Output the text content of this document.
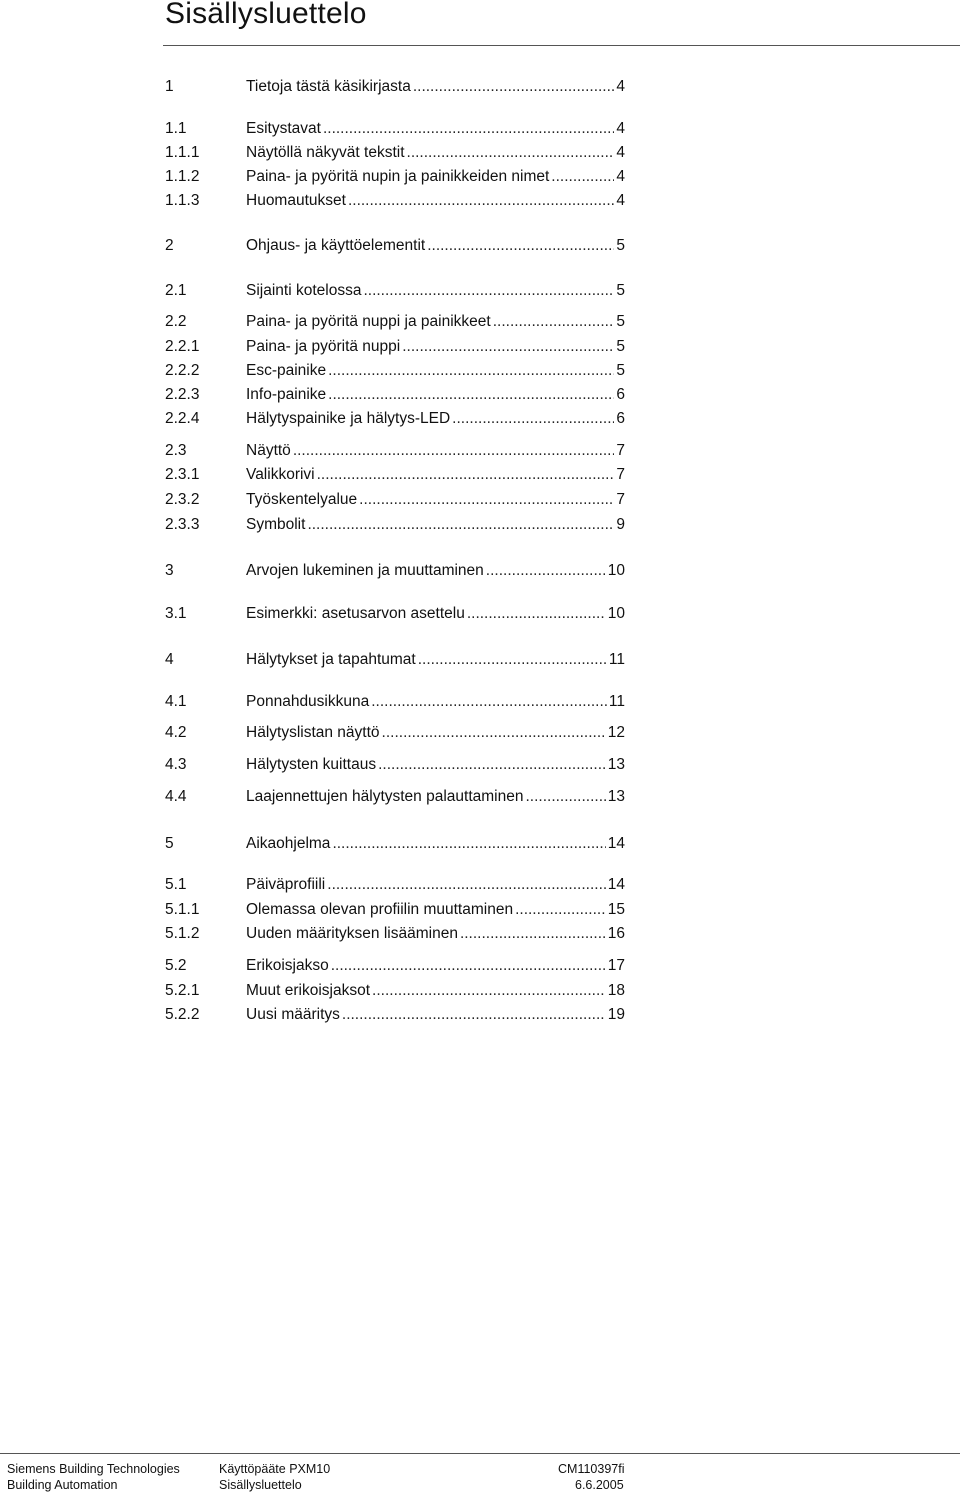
Sisällysluettelo
1	Tietoja tästä käsikirjasta .....	4
1.1	Esitystavat .....	4
1.1.1	Näytöllä näkyvät tekstit .....	4
1.1.2	Paina- ja pyöritä nupin ja painikkeiden nimet .....	4
1.1.3	Huomautukset .....	4
2	Ohjaus- ja käyttöelementit .....	5
2.1	Sijainti kotelossa .....	5
2.2	Paina- ja pyöritä nuppi ja painikkeet .....	5
2.2.1	Paina- ja pyöritä nuppi .....	5
2.2.2	Esc-painike .....	5
2.2.3	Info-painike .....	6
2.2.4	Hälytyspainike ja hälytys-LED .....	6
2.3	Näyttö .....	7
2.3.1	Valikkorivi .....	7
2.3.2	Työskentelyalue .....	7
2.3.3	Symbolit .....	9
3	Arvojen lukeminen ja muuttaminen .....	10
3.1	Esimerkki: asetusarvon asettelu .....	10
4	Hälytykset ja tapahtumat .....	11
4.1	Ponnahdusikkuna .....	11
4.2	Hälytyslistan näyttö .....	12
4.3	Hälytysten kuittaus .....	13
4.4	Laajennettujen hälytysten palauttaminen .....	13
5	Aikaohjelma .....	14
5.1	Päiväprofiili .....	14
5.1.1	Olemassa olevan profiilin muuttaminen .....	15
5.1.2	Uuden määrityksen lisääminen .....	16
5.2	Erikoisjakso .....	17
5.2.1	Muut erikoisjaksot .....	18
5.2.2	Uusi määritys .....	19
Siemens Building Technologies
Building Automation
Käyttöpääte PXM10
Sisällysluettelo
CM110397fi
6.6.2005
